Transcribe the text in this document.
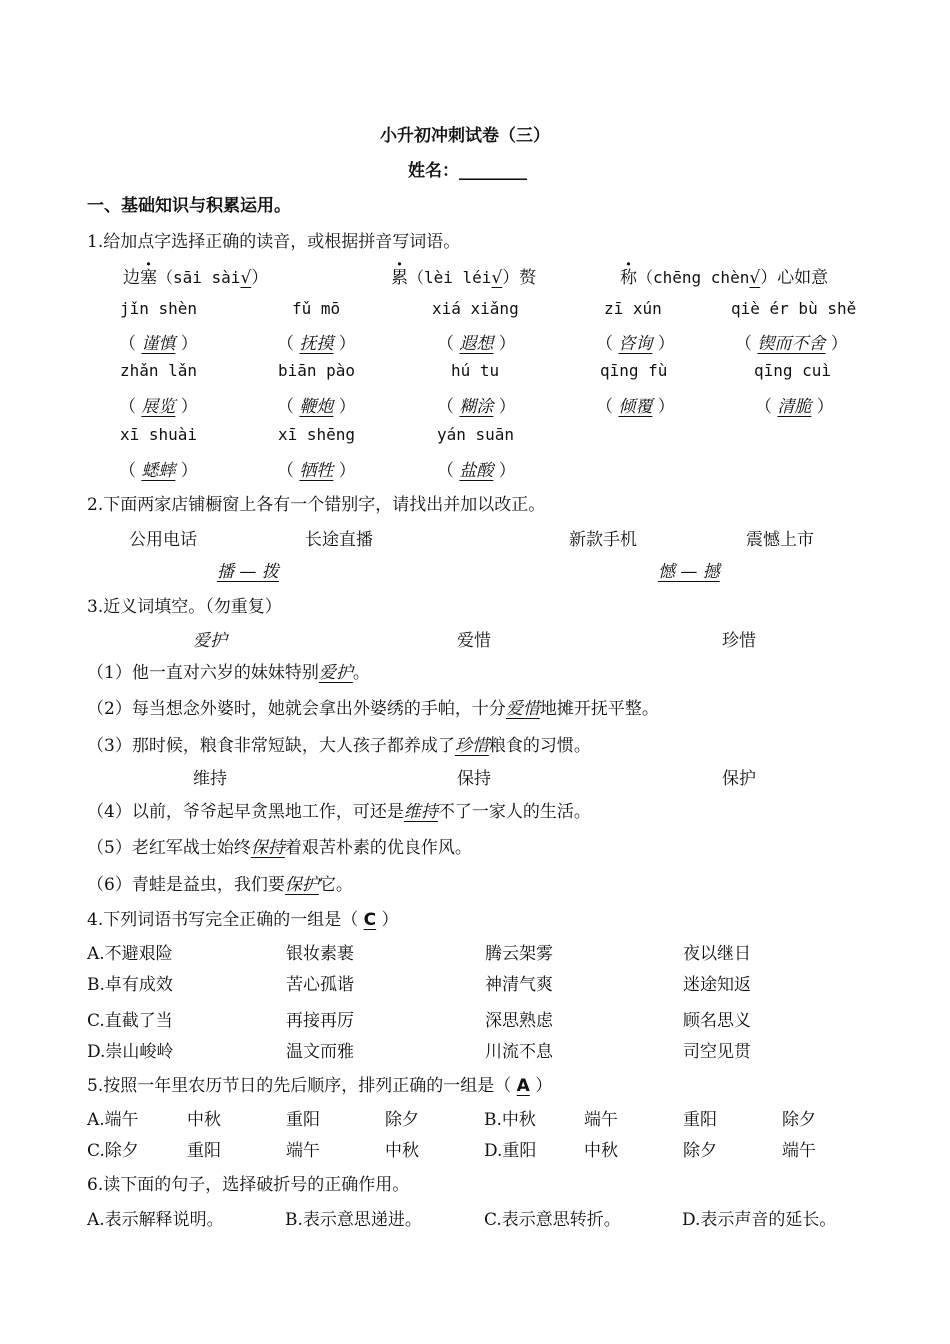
小升初冲刺试卷（三）
姓名：________
一、基础知识与积累运用。
1.给加点字选择正确的读音，或根据拼音写词语。
边塞（sāi sài√）	累（lèi léi√）赘	称（chēng chèn√）心如意
jǐn shèn	fǔ mō	xiá xiǎng	zī xún	qiè ér bù shě
（ 谨慎 ）	（ 抚摸 ）	（ 遐想 ）	（ 咨询 ）	（ 锲而不舍 ）
zhǎn lǎn	biān pào	hú tu	qīng fù	qīng cuì
（ 展览 ）	（ 鞭炮 ）	（ 糊涂 ）	（ 倾覆 ）	（ 清脆 ）
xī shuài	xī shēng	yán suān
（ 蟋蟀 ）	（ 牺牲 ）	（ 盐酸 ）
2.下面两家店铺橱窗上各有一个错别字，请找出并加以改正。
公用电话	长途直播	新款手机	震憾上市
播 — 拨	憾 — 撼
3.近义词填空。（勿重复）
爱护	爱惜	珍惜
（1）他一直对六岁的妹妹特别爱护。
（2）每当想念外婆时，她就会拿出外婆绣的手帕，十分爱惜地摊开抚平整。
（3）那时候，粮食非常短缺，大人孩子都养成了珍惜粮食的习惯。
维持	保持	保护
（4）以前，爷爷起早贪黑地工作，可还是维持不了一家人的生活。
（5）老红军战士始终保持着艰苦朴素的优良作风。
（6）青蛙是益虫，我们要保护它。
4.下列词语书写完全正确的一组是（ C ）
A.不避艰险	银妆素裹	腾云架雾	夜以继日
B.卓有成效	苦心孤谐	神清气爽	迷途知返
C.直截了当	再接再厉	深思熟虑	顾名思义
D.崇山峻岭	温文而雅	川流不息	司空见贯
5.按照一年里农历节日的先后顺序，排列正确的一组是（ A ）
A.端午	中秋	重阳	除夕	B.中秋	端午	重阳	除夕
C.除夕	重阳	端午	中秋	D.重阳	中秋	除夕	端午
6.读下面的句子，选择破折号的正确作用。
A.表示解释说明。	B.表示意思递进。	C.表示意思转折。	D.表示声音的延长。
